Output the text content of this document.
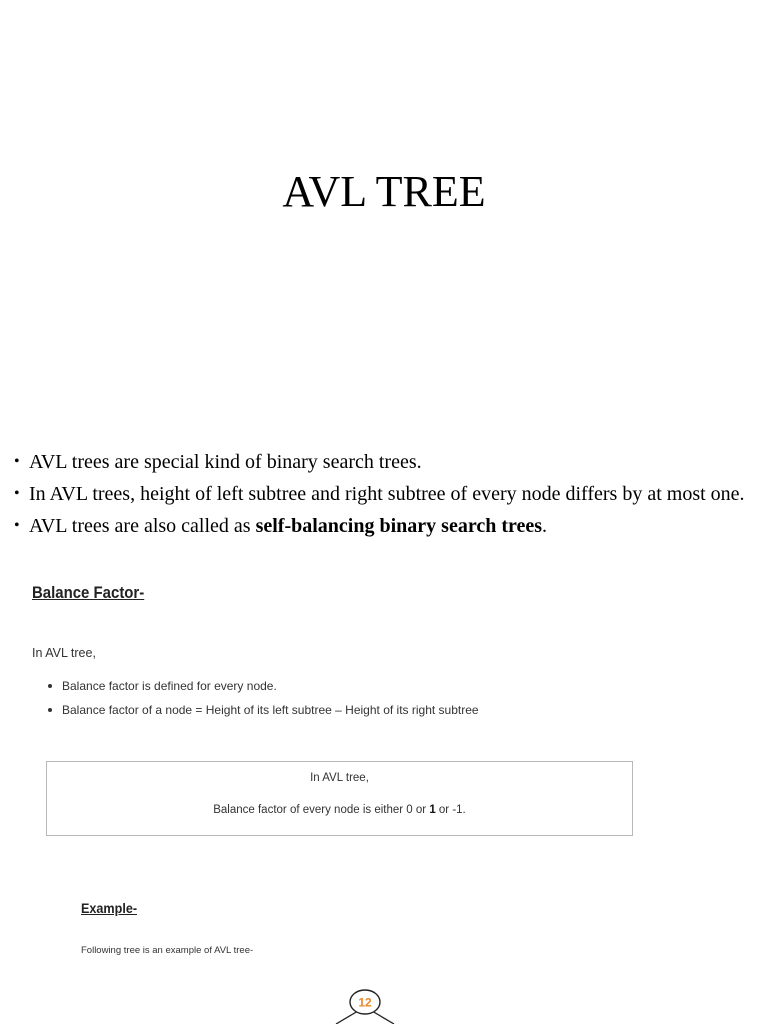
AVL TREE
• AVL trees are special kind of binary search trees.
• In AVL trees, height of left subtree and right subtree of every node differs by at most one.
• AVL trees are also called as self-balancing binary search trees.
Balance Factor-

In AVL tree,

Balance factor is defined for every node.
Balance factor of a node = Height of its left subtree – Height of its right subtree
In AVL tree,
Balance factor of every node is either 0 or 1 or -1.
Example-

Following tree is an example of AVL tree-

12
